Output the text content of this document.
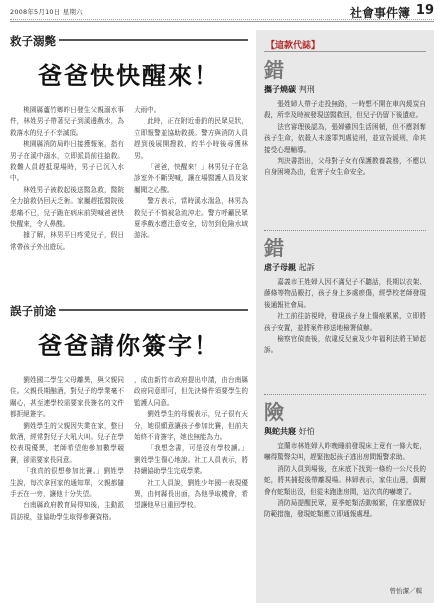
2008年5月10日 星期六	社會事件簿 19
救子溺斃
爸爸快快醒來！

桃園縣蘆竹鄉昨日發生父親溺水事件，林姓男子帶著兒子到溪邊戲水，為救落水的兒子不幸滅頂。

桃園縣消防局昨日接獲報案，指有男子在溪中溺水，立即派員前往搶救。救難人員趕抵現場時，男子已沉入水中。

林姓男子被救起後送醫急救，醫院全力搶救仍回天乏術。家屬趕抵醫院後悲痛不已，兒子跪在病床前哭喊爸爸快快醒來，令人鼻酸。

據了解，林男平日疼愛兒子，假日常帶孩子外出遊玩。

大雨中。

此時，正在附近垂釣的民眾見狀，立即報警並協助救援。警方與消防人員趕到後展開搜救，約半小時後尋獲林男。

「爸爸，快醒來！」林男兒子在急診室外不斷哭喊，讓在場醫護人員及家屬聞之心酸。

警方表示，當時溪水湍急，林男為救兒子不慎被急流沖走。警方呼籲民眾夏季戲水應注意安全，切勿到危險水域游泳。

誤子前途
爸爸請你簽字！

劉姓國二學生父母離異，與父親同住。父親長期酗酒，對兒子的學業毫不關心，甚至連學校需要家長簽名的文件都拒絕簽字。

劉姓學生的父親因失業在家，整日飲酒，經常對兒子大吼大叫。兒子在學校表現優異，老師希望他參加數學競賽，卻需要家長同意。

「我真的很想參加比賽。」劉姓學生說，每次拿回家的通知單，父親都隨手丟在一旁，讓他十分失望。

台南縣政府教育局得知後，主動派員訪視，並協助學生取得參賽資格。

，成由新竹市政府提出申請，由台南縣政府同意即可，但先決條件須要學生的監護人同意。

劉姓學生的母親表示，兒子很有天分，她很願意讓孩子參加比賽，但前夫始終不肯簽字，她也無能為力。

「我想念書，可是沒有學校讀。」劉姓學生傷心地說。社工人員表示，將持續協助學生完成學業。

社工人員說，劉姓少年國一表現優異，由何縣長出面，為他爭取機會，希望讓他早日重回學校。

【這款代誌】
錯
攜子燒碳 判刑

張姓婦人帶子走投無路，一時想不開在車內燒炭自殺，所幸及時被發現送醫救回，但兒子仍留下後遺症。

法官審理後認為，張婦雖因生活困頓，但不應剝奪孩子生命，依殺人未遂罪判處徒刑，並宣告緩刑，命其接受心理輔導。

判決書指出，父母對子女有保護教養義務，不應以自身困境為由，危害子女生命安全。

錯
虐子母親 起訴

嘉義市王姓婦人因不滿兒子不聽話，長期以衣架、藤條等物品毆打，孩子身上多處瘀傷，經學校老師發現後通報社會局。

社工前往訪視時，發現孩子身上傷痕累累，立即將孩子安置，並將案件移送地檢署偵辦。

檢察官偵查後，依違反兒童及少年福利法將王婦起訴。

險
與蛇共寢 好怕

宜蘭市林姓婦人昨晚睡前發現床上竟有一條大蛇，嚇得驚聲尖叫，趕緊抱起孩子逃出房間報警求助。

消防人員到場後，在床底下找到一條約一公尺長的蛇，將其捕捉後帶離現場。林婦表示，家住山邊，偶爾會有蛇類出沒，但從未跑進房間，這次真的嚇壞了。

消防局提醒民眾，夏季蛇類活動頻繁，住家應做好防範措施，發現蛇類應立即通報處理。

曾怡潔／輯
